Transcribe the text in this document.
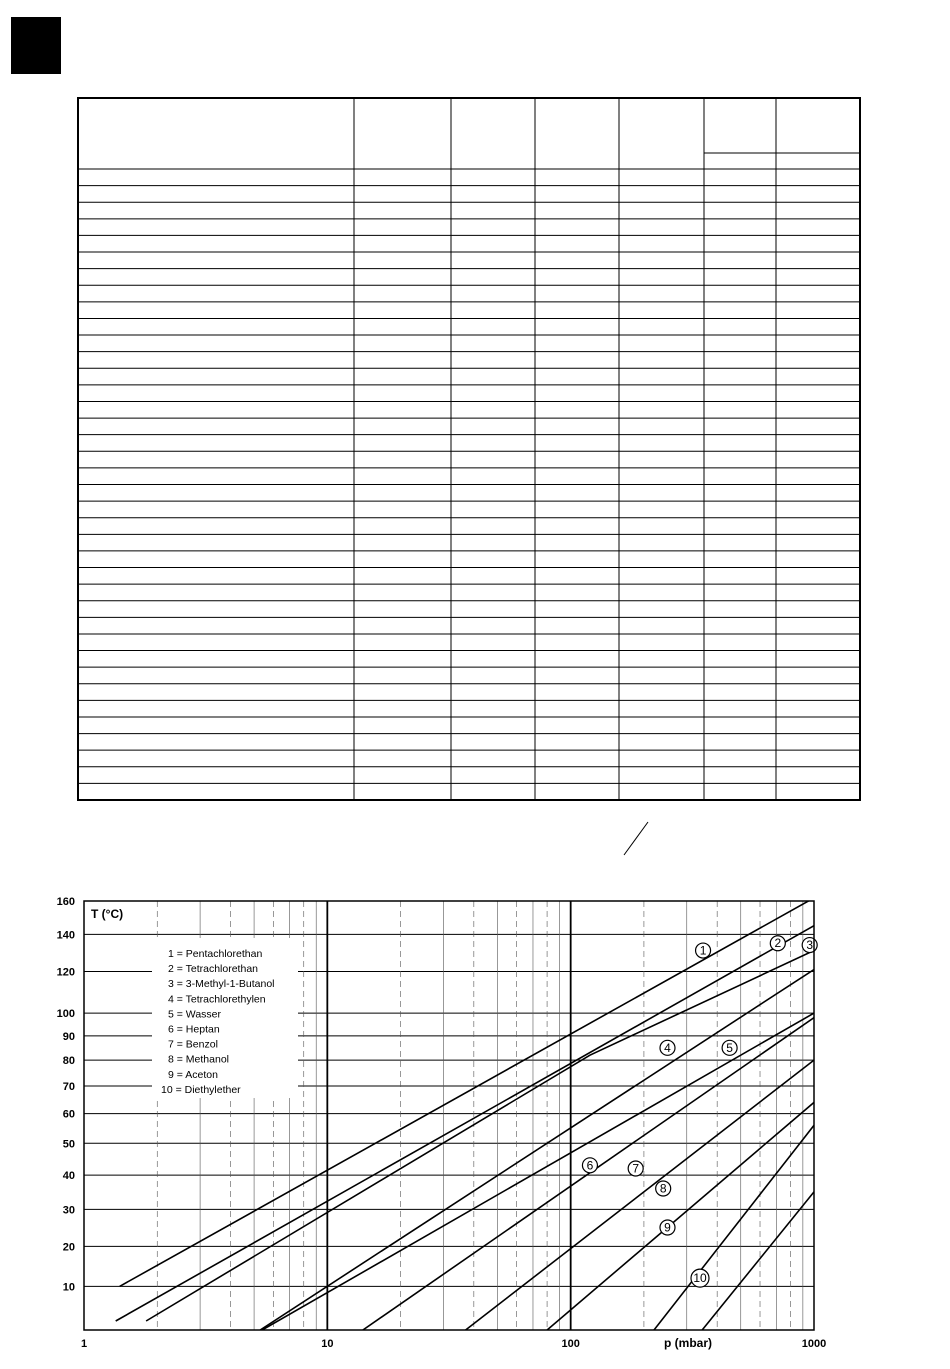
1 = Pentachlorethan
2 = Tetrachlorethan
3 = 3-Methyl-1-Butanol
4 = Tetrachlorethylen
5 = Wasser
6 = Heptan
7 = Benzol
8 = Methanol
9 = Aceton
10 = Diethylether
1
2 3
4	5
6	7
8
9
10
10
20
30
40
50
60
70
80
90
100
120
140
160
1	10	100	1000
T (°C)
p (mbar)
